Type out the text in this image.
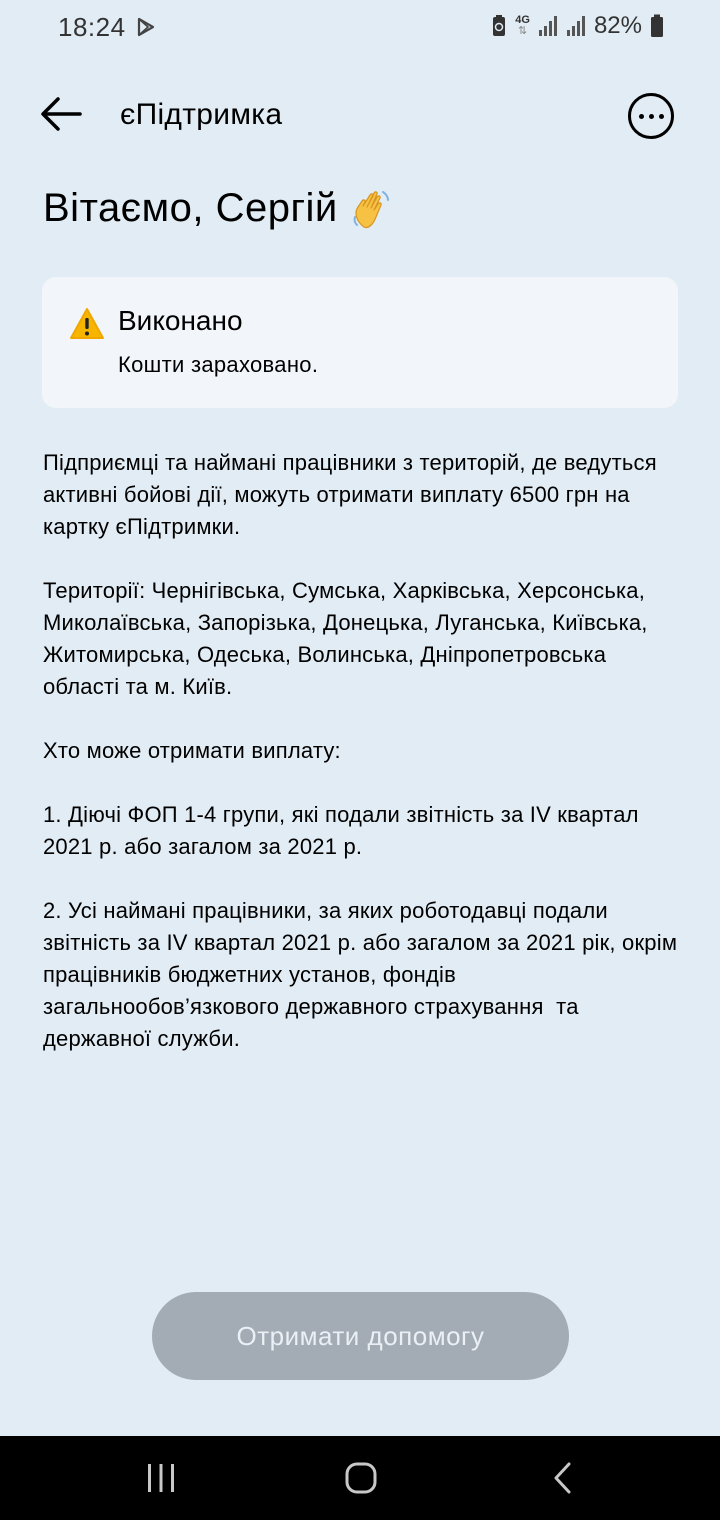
18:24	4G
⇅	82%
єПідтримка
Вітаємо, Сергій
Виконано
Кошти зараховано.

Підприємці та наймані працівники з територій, де ведуться активні бойові дії, можуть отримати виплату 6500 грн на картку єПідтримки.

Території: Чернігівська, Сумська, Харківська, Херсонська, Миколаївська, Запорізька, Донецька, Луганська, Київська, Житомирська, Одеська, Волинська, Дніпропетровська області та м. Київ.

Хто може отримати виплату:

1. Діючі ФОП 1-4 групи, які подали звітність за IV квартал 2021 р. або загалом за 2021 р.

2. Усі наймані працівники, за яких роботодавці подали звітність за IV квартал 2021 р. або загалом за 2021 рік, окрім працівників бюджетних установ, фондів загальнообов’язкового державного страхування  та державної служби.

Отримати допомогу
